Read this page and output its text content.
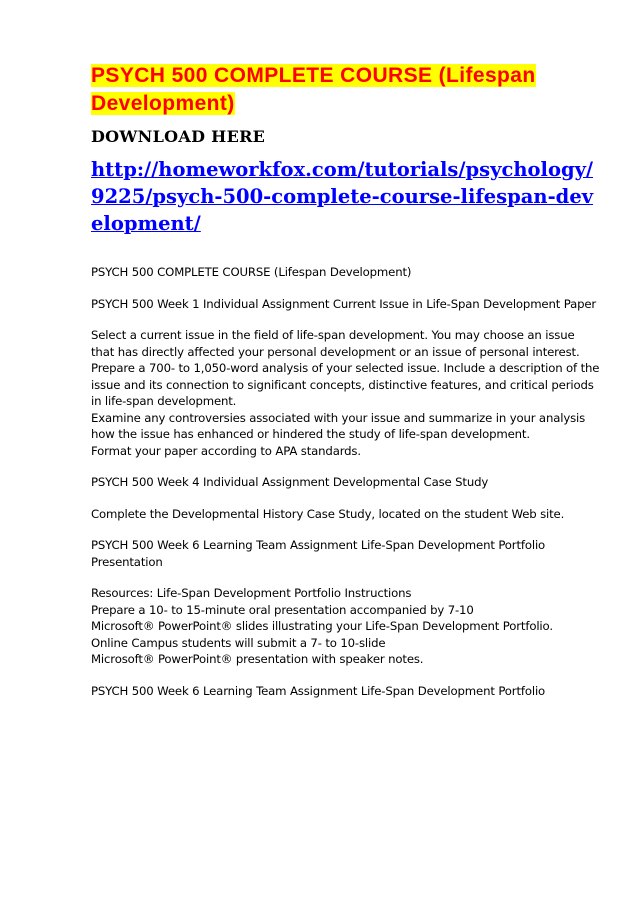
PSYCH 500 COMPLETE COURSE (Lifespan Development)
DOWNLOAD HERE
http://homeworkfox.com/tutorials/psychology/9225/psych-500-complete-course-lifespan-development/

PSYCH 500 COMPLETE COURSE (Lifespan Development)

PSYCH 500 Week 1 Individual Assignment Current Issue in Life-Span Development Paper

Select a current issue in the field of life-span development. You may choose an issue that has directly affected your personal development or an issue of personal interest.

Prepare a 700- to 1,050-word analysis of your selected issue. Include a description of the issue and its connection to significant concepts, distinctive features, and critical periods in life-span development.

Examine any controversies associated with your issue and summarize in your analysis how the issue has enhanced or hindered the study of life-span development.

Format your paper according to APA standards.

PSYCH 500 Week 4 Individual Assignment Developmental Case Study

Complete the Developmental History Case Study, located on the student Web site.

PSYCH 500 Week 6 Learning Team Assignment Life-Span Development Portfolio Presentation

Resources: Life-Span Development Portfolio Instructions

Prepare a 10- to 15-minute oral presentation accompanied by 7-10

Microsoft® PowerPoint® slides illustrating your Life-Span Development Portfolio.

Online Campus students will submit a 7- to 10-slide

Microsoft® PowerPoint® presentation with speaker notes.

PSYCH 500 Week 6 Learning Team Assignment Life-Span Development Portfolio
